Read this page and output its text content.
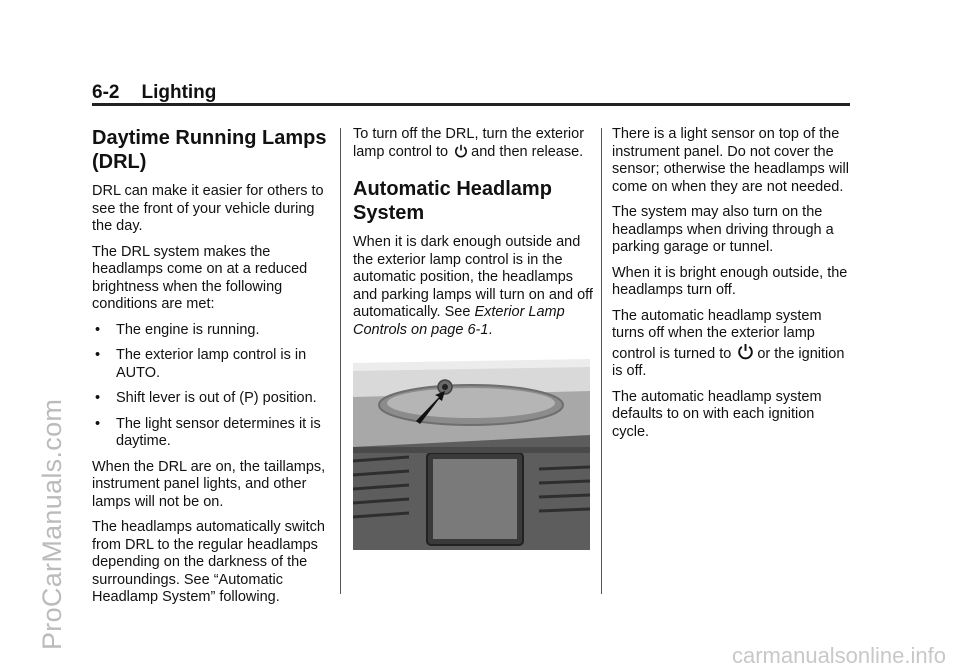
6-2 Lighting
Daytime Running Lamps (DRL)

DRL can make it easier for others to see the front of your vehicle during the day.

The DRL system makes the headlamps come on at a reduced brightness when the following conditions are met:

• The engine is running.
• The exterior lamp control is in AUTO.
• Shift lever is out of (P) position.
• The light sensor determines it is daytime.

When the DRL are on, the taillamps, instrument panel lights, and other lamps will not be on.

The headlamps automatically switch from DRL to the regular headlamps depending on the darkness of the surroundings. See “Automatic Headlamp System” following.

To turn off the DRL, turn the exterior lamp control to and then release.

Automatic Headlamp System

When it is dark enough outside and the exterior lamp control is in the automatic position, the headlamps and parking lamps will turn on and off automatically. See Exterior Lamp Controls on page 6-1.

There is a light sensor on top of the instrument panel. Do not cover the sensor; otherwise the headlamps will come on when they are not needed.

The system may also turn on the headlamps when driving through a parking garage or tunnel.

When it is bright enough outside, the headlamps turn off.

The automatic headlamp system turns off when the exterior lamp control is turned to or the ignition is off.

The automatic headlamp system defaults to on with each ignition cycle.

ProCarManuals.com
carmanualsonline.info
